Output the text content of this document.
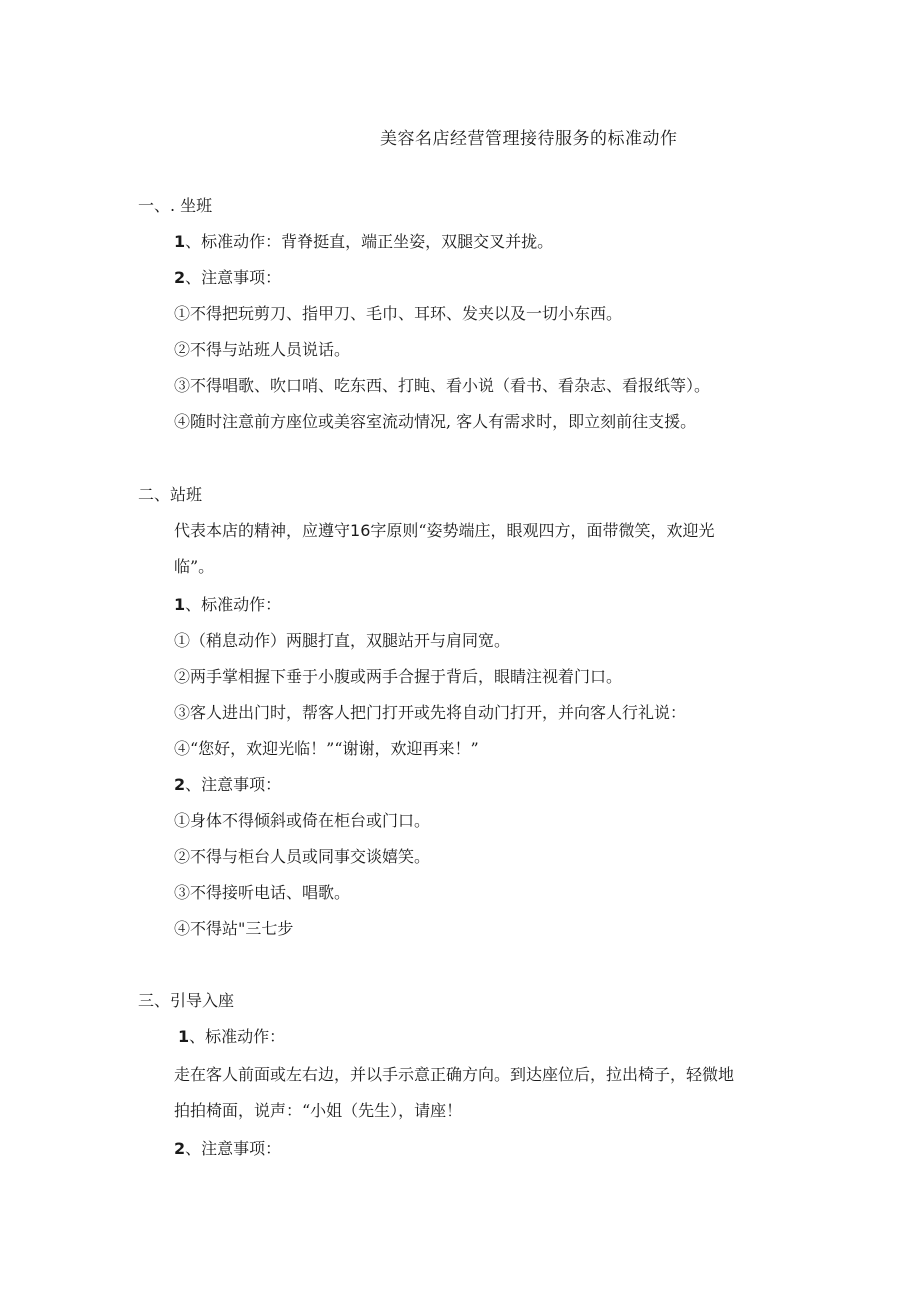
美容名店经营管理接待服务的标准动作
一、. 坐班
1、标准动作：背脊挺直，端正坐姿，双腿交叉并拢。
2、注意事项：
①不得把玩剪刀、指甲刀、毛巾、耳环、发夹以及一切小东西。
②不得与站班人员说话。
③不得唱歌、吹口哨、吃东西、打盹、看小说（看书、看杂志、看报纸等）。
④随时注意前方座位或美容室流动情况, 客人有需求时，即立刻前往支援。
二、站班
代表本店的精神，应遵守16字原则“姿势端庄，眼观四方，面带微笑，欢迎光
临”。
1、标准动作：
①（稍息动作）两腿打直，双腿站开与肩同宽。
②两手掌相握下垂于小腹或两手合握于背后，眼睛注视着门口。
③客人进出门时，帮客人把门打开或先将自动门打开，并向客人行礼说：
④“您好，欢迎光临！”“谢谢，欢迎再来！”
2、注意事项：
①身体不得倾斜或倚在柜台或门口。
②不得与柜台人员或同事交谈嬉笑。
③不得接听电话、唱歌。
④不得站"三七步
三、引导入座
1、标准动作：
走在客人前面或左右边，并以手示意正确方向。到达座位后，拉出椅子，轻微地
拍拍椅面，说声：“小姐（先生），请座！
2、注意事项：
